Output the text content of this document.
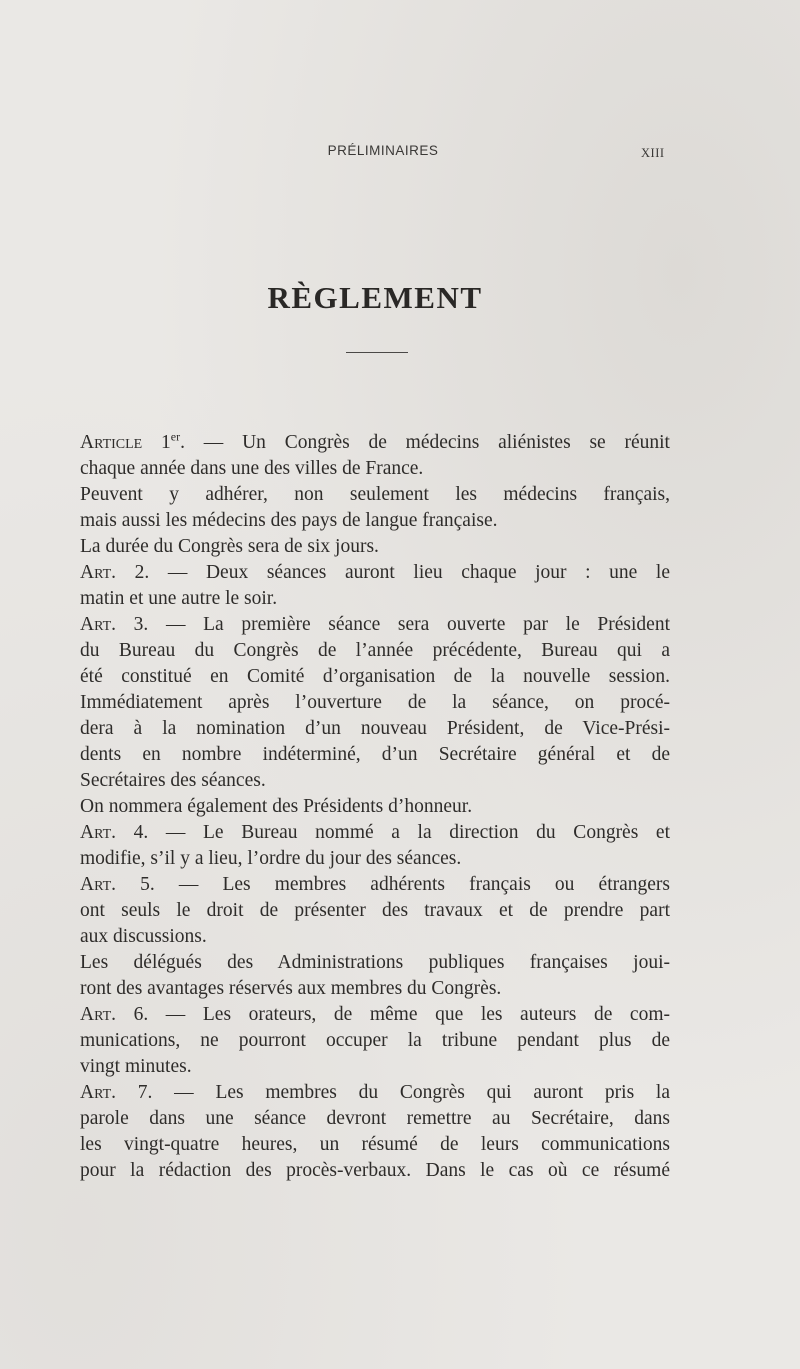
PRÉLIMINAIRES	XIII
RÈGLEMENT
Article 1er. — Un Congrès de médecins aliénistes se réunit
chaque année dans une des villes de France.
Peuvent y adhérer, non seulement les médecins français,
mais aussi les médecins des pays de langue française.
La durée du Congrès sera de six jours.
Art. 2. — Deux séances auront lieu chaque jour : une le
matin et une autre le soir.
Art. 3. — La première séance sera ouverte par le Président
du Bureau du Congrès de l’année précédente, Bureau qui a
été constitué en Comité d’organisation de la nouvelle session.
Immédiatement après l’ouverture de la séance, on procé-
dera à la nomination d’un nouveau Président, de Vice-Prési-
dents en nombre indéterminé, d’un Secrétaire général et de
Secrétaires des séances.
On nommera également des Présidents d’honneur.
Art. 4. — Le Bureau nommé a la direction du Congrès et
modifie, s’il y a lieu, l’ordre du jour des séances.
Art. 5. — Les membres adhérents français ou étrangers
ont seuls le droit de présenter des travaux et de prendre part
aux discussions.
Les délégués des Administrations publiques françaises joui-
ront des avantages réservés aux membres du Congrès.
Art. 6. — Les orateurs, de même que les auteurs de com-
munications, ne pourront occuper la tribune pendant plus de
vingt minutes.
Art. 7. — Les membres du Congrès qui auront pris la
parole dans une séance devront remettre au Secrétaire, dans
les vingt-quatre heures, un résumé de leurs communications
pour la rédaction des procès-verbaux. Dans le cas où ce résumé
